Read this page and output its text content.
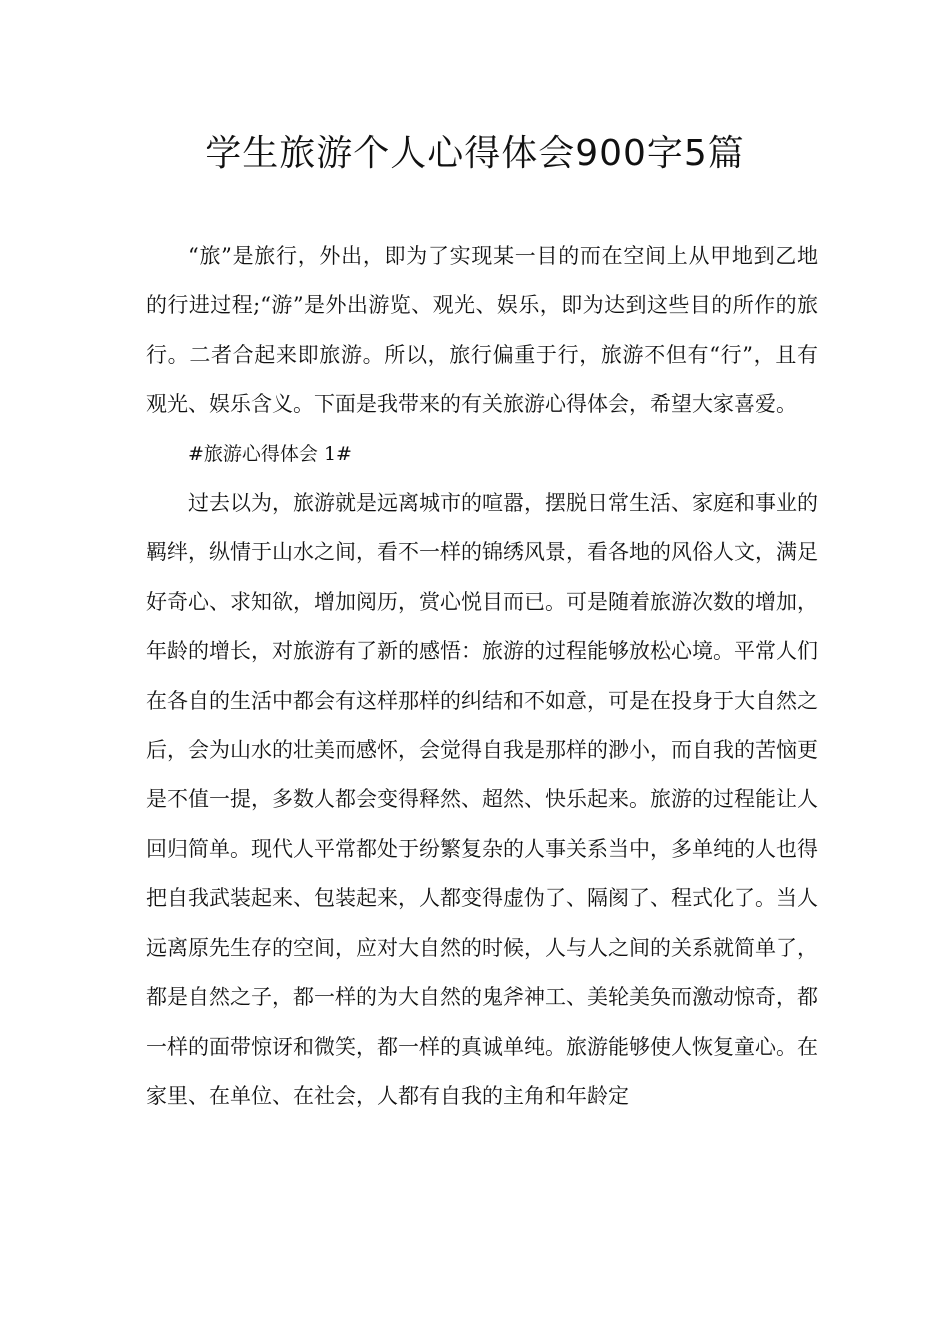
学生旅游个人心得体会900字5篇

“旅”是旅行，外出，即为了实现某一目的而在空间上从甲地到乙地的行进过程;“游”是外出游览、观光、娱乐，即为达到这些目的所作的旅行。二者合起来即旅游。所以，旅行偏重于行，旅游不但有“行”，且有观光、娱乐含义。下面是我带来的有关旅游心得体会，希望大家喜爱。

#旅游心得体会 1#

过去以为，旅游就是远离城市的喧嚣，摆脱日常生活、家庭和事业的羁绊，纵情于山水之间，看不一样的锦绣风景，看各地的风俗人文，满足好奇心、求知欲，增加阅历，赏心悦目而已。可是随着旅游次数的增加，年龄的增长，对旅游有了新的感悟：旅游的过程能够放松心境。平常人们在各自的生活中都会有这样那样的纠结和不如意，可是在投身于大自然之后，会为山水的壮美而感怀，会觉得自我是那样的渺小，而自我的苦恼更是不值一提，多数人都会变得释然、超然、快乐起来。旅游的过程能让人回归简单。现代人平常都处于纷繁复杂的人事关系当中，多单纯的人也得把自我武装起来、包装起来，人都变得虚伪了、隔阂了、程式化了。当人远离原先生存的空间，应对大自然的时候，人与人之间的关系就简单了，都是自然之子，都一样的为大自然的鬼斧神工、美轮美奂而激动惊奇，都一样的面带惊讶和微笑，都一样的真诚单纯。旅游能够使人恢复童心。在家里、在单位、在社会，人都有自我的主角和年龄定
